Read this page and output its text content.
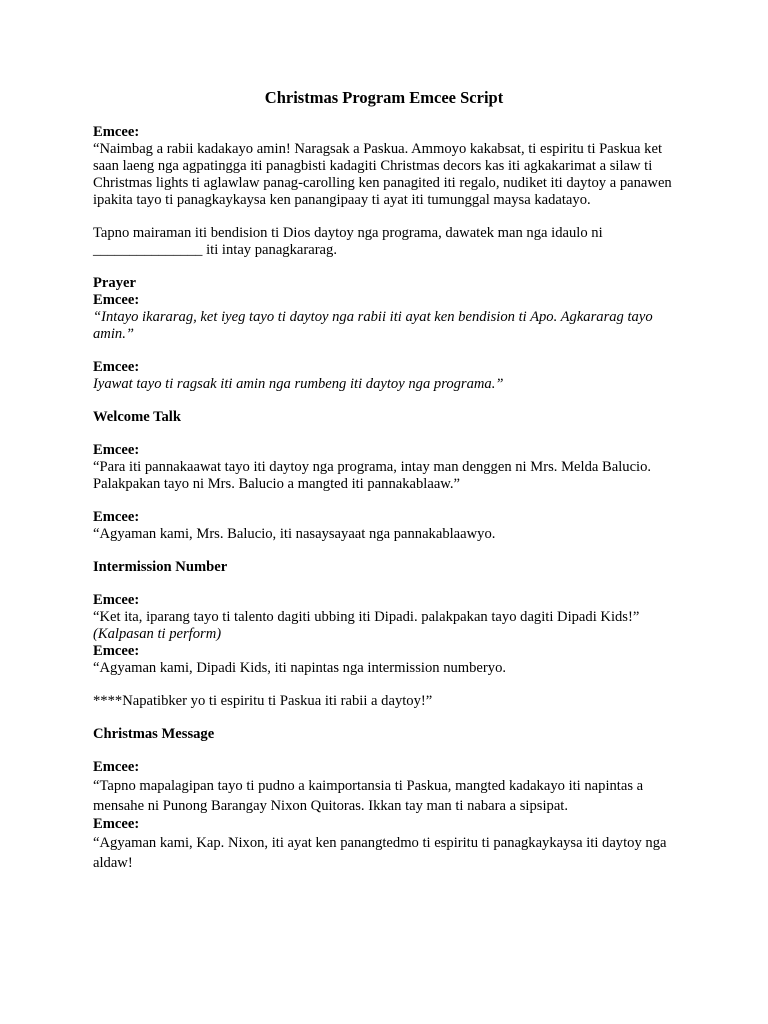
Christmas Program Emcee Script

Emcee:

“Naimbag a rabii kadakayo amin! Naragsak a Paskua. Ammoyo kakabsat, ti espiritu ti Paskua ket saan laeng nga agpatingga iti panagbisti kadagiti Christmas decors kas iti agkakarimat a silaw ti Christmas lights ti aglawlaw panag-carolling ken panagited iti regalo, nudiket iti daytoy a panawen ipakita tayo ti panagkaykaysa ken panangipaay ti ayat iti tumunggal maysa kadatayo.

Tapno mairaman iti bendision ti Dios daytoy nga programa, dawatek man nga idaulo ni

_______________ iti intay panagkararag.

Prayer

Emcee:

“Intayo ikararag, ket iyeg tayo ti daytoy nga rabii iti ayat ken bendision ti Apo. Agkararag tayo amin.”

Emcee:

Iyawat tayo ti ragsak iti amin nga rumbeng iti daytoy nga programa.”

Welcome Talk

Emcee:

“Para iti pannakaawat tayo iti daytoy nga programa, intay man denggen ni Mrs. Melda Balucio. Palakpakan tayo ni Mrs. Balucio a mangted iti pannakablaaw.”

Emcee:

“Agyaman kami, Mrs. Balucio, iti nasaysayaat nga pannakablaawyo.

Intermission Number

Emcee:

“Ket ita, iparang tayo ti talento dagiti ubbing iti Dipadi. palakpakan tayo dagiti Dipadi Kids!”

(Kalpasan ti perform)

Emcee:

“Agyaman kami, Dipadi Kids, iti napintas nga intermission numberyo.

****Napatibker yo ti espiritu ti Paskua iti rabii a daytoy!”

Christmas Message

Emcee:

“Tapno mapalagipan tayo ti pudno a kaimportansia ti Paskua, mangted kadakayo iti napintas a mensahe ni Punong Barangay Nixon Quitoras. Ikkan tay man ti nabara a sipsipat.

Emcee:

“Agyaman kami, Kap. Nixon, iti ayat ken panangtedmo ti espiritu ti panagkaykaysa iti daytoy nga aldaw!
